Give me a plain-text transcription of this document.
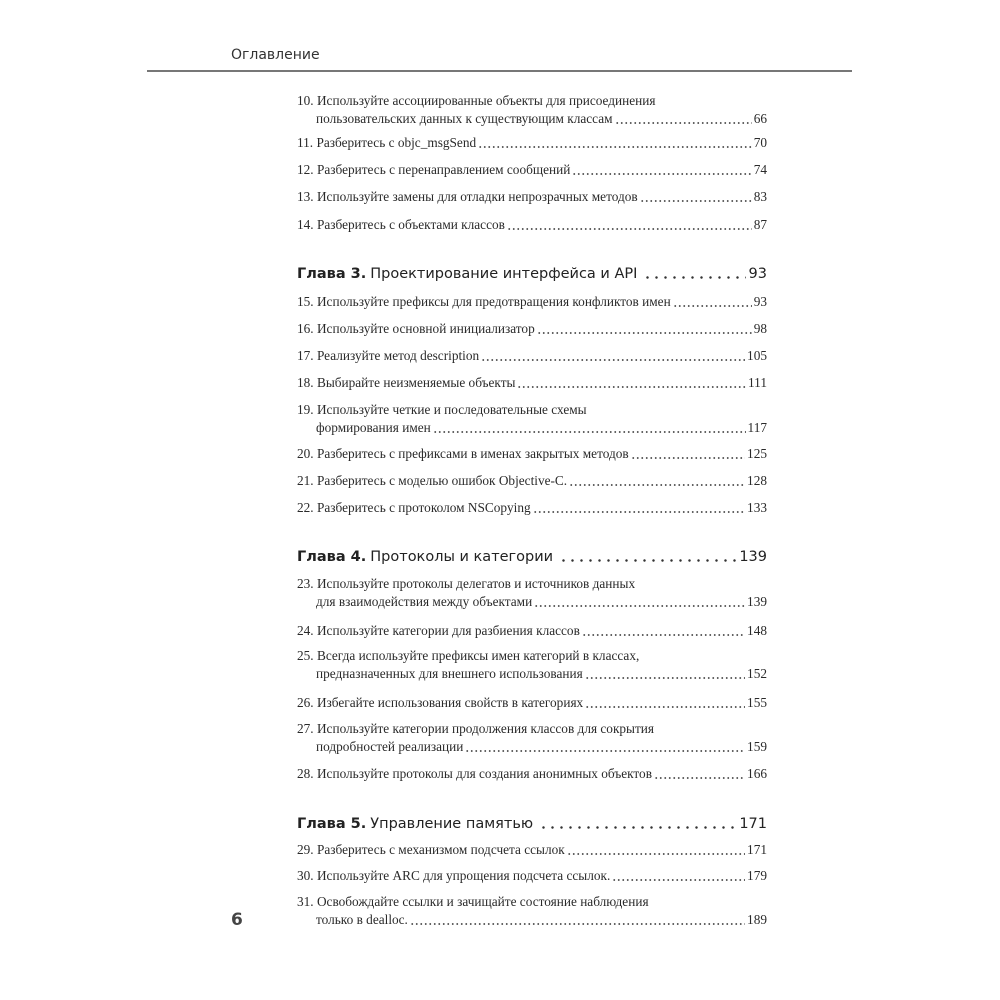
Оглавление
10. Используйте ассоциированные объекты для присоединения
пользовательских данных к существующим классам	66
11. Разберитесь с objc_msgSend	70
12. Разберитесь с перенаправлением сообщений	74
13. Используйте замены для отладки непрозрачных методов	83
14. Разберитесь с объектами классов	87
Глава 3. Проектирование интерфейса и API	93
15. Используйте префиксы для предотвращения конфликтов имен	93
16. Используйте основной инициализатор	98
17. Реализуйте метод description	105
18. Выбирайте неизменяемые объекты	111
19. Используйте четкие и последовательные схемы
формирования имен	117
20. Разберитесь с префиксами в именах закрытых методов	125
21. Разберитесь с моделью ошибок Objective-C.	128
22. Разберитесь с протоколом NSCopying	133
Глава 4. Протоколы и категории	139
23. Используйте протоколы делегатов и источников данных
для взаимодействия между объектами	139
24. Используйте категории для разбиения классов	148
25. Всегда используйте префиксы имен категорий в классах,
предназначенных для внешнего использования	152
26. Избегайте использования свойств в категориях	155
27. Используйте категории продолжения классов для сокрытия
подробностей реализации	159
28. Используйте протоколы для создания анонимных объектов	166
Глава 5. Управление памятью	171
29. Разберитесь с механизмом подсчета ссылок	171
30. Используйте ARC для упрощения подсчета ссылок.	179
31. Освобождайте ссылки и зачищайте состояние наблюдения
только в dealloc.	189
6
